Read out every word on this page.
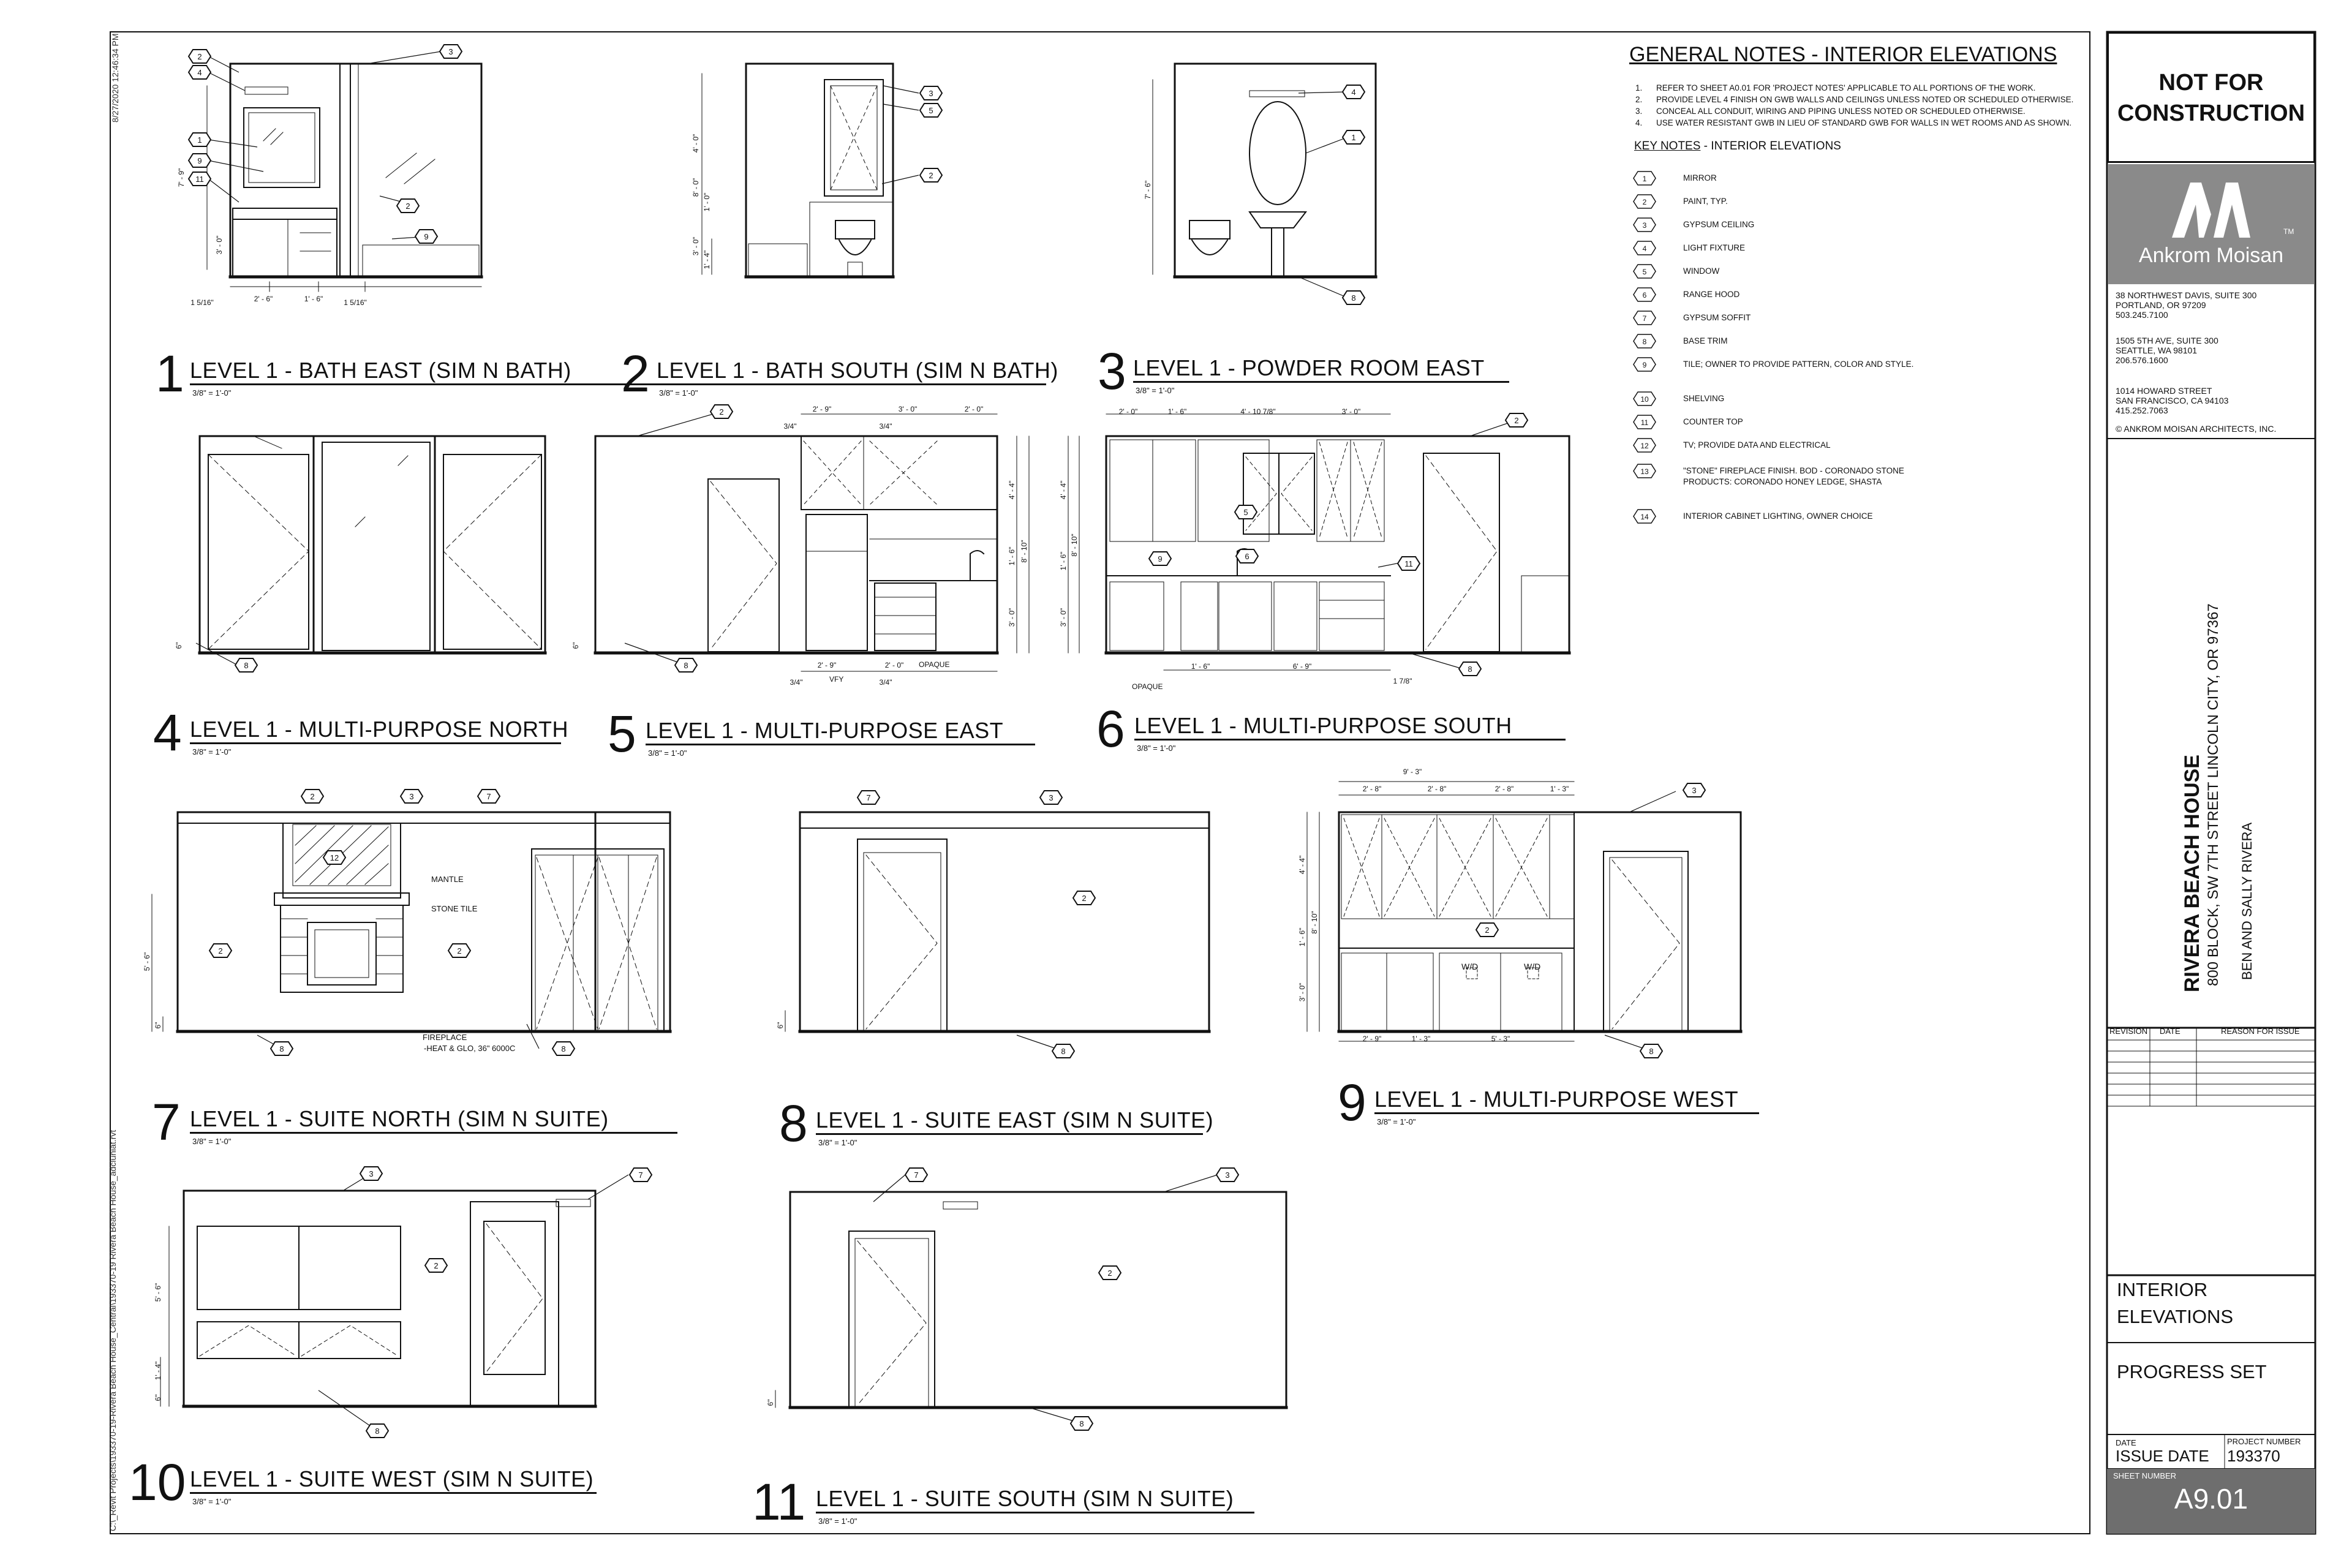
2
4
1
9
11
3
2
9
3
5
2
4
1
8
2
8	8	8
2
5
9
11
2	3	7
2	2
8	8
7	3
2
8
3
2
8
3	7
2
8
7	3
2
8
12
6
1 5/16"	2' - 6"	1' - 6"	1 5/16"
2' - 9"	3' - 0"	2' - 0"
2' - 9"	2' - 0"
2' - 0"	1' - 6"	4' - 10 7/8"	3' - 0"
1' - 6"	6' - 9"
1 7/8"
9' - 3"
2' - 8"	2' - 8"	2' - 8"	1' - 3"
2' - 9"	1' - 3"	5' - 3"
3/4"	3/4"
3/4"	3/4"
7' - 9"
3' - 0"
4' - 0"
8' - 0"
1' - 0"
3' - 0"
1' - 4"
7' - 6"
4' - 4"
8' - 10"
1' - 6"
3' - 0"
4' - 4"
8' - 10"
1' - 6"
3' - 0"
6"	6"
5' - 6"
6"	6"
4' - 4"
8' - 10"
1' - 6"
3' - 0"
5' - 6"
1' - 4"
6"
6"
8/27/2020 12:46:34 PM
C:\_Revit Projects\193370-19-Rivera Beach House_Central\193370-19 Rivera Beach House_adcluniat.rvt
MANTLE
STONE TILE
FIREPLACE
-HEAT & GLO, 36" 6000C
W/D	W/D
OPAQUE
OPAQUE
VFY
1 LEVEL 1 - BATH EAST (SIM N BATH)
3/8" = 1'-0"	2 LEVEL 1 - BATH SOUTH (SIM N BATH)
3/8" = 1'-0"	3 LEVEL 1 - POWDER ROOM EAST
3/8" = 1'-0"
4 LEVEL 1 - MULTI-PURPOSE NORTH
3/8" = 1'-0"	5 LEVEL 1 - MULTI-PURPOSE EAST
3/8" = 1'-0"	6 LEVEL 1 - MULTI-PURPOSE SOUTH
3/8" = 1'-0"
7 LEVEL 1 - SUITE NORTH (SIM N SUITE)
3/8" = 1'-0"	8 LEVEL 1 - SUITE EAST (SIM N SUITE)
3/8" = 1'-0"
9 LEVEL 1 - MULTI-PURPOSE WEST
3/8" = 1'-0"
10 LEVEL 1 - SUITE WEST (SIM N SUITE)
3/8" = 1'-0"	11 LEVEL 1 - SUITE SOUTH (SIM N SUITE)
3/8" = 1'-0"
GENERAL NOTES - INTERIOR ELEVATIONS
1. REFER TO SHEET A0.01 FOR 'PROJECT NOTES' APPLICABLE TO ALL PORTIONS OF THE WORK.
2. PROVIDE LEVEL 4 FINISH ON GWB WALLS AND CEILINGS UNLESS NOTED OR SCHEDULED OTHERWISE.
3. CONCEAL ALL CONDUIT, WIRING AND PIPING UNLESS NOTED OR SCHEDULED OTHERWISE.
4. USE WATER RESISTANT GWB IN LIEU OF STANDARD GWB FOR WALLS IN WET ROOMS AND AS SHOWN.
KEY NOTES - INTERIOR ELEVATIONS
1	MIRROR
2	PAINT, TYP.
3	GYPSUM CEILING
4	LIGHT FIXTURE
5	WINDOW
6	RANGE HOOD
7	GYPSUM SOFFIT
8	BASE TRIM
9	TILE; OWNER TO PROVIDE PATTERN, COLOR AND STYLE.
10	SHELVING
11	COUNTER TOP
12	TV; PROVIDE DATA AND ELECTRICAL
13	"STONE" FIREPLACE FINISH. BOD - CORONADO STONE PRODUCTS: CORONADO HONEY LEDGE, SHASTA
14	INTERIOR CABINET LIGHTING, OWNER CHOICE
NOT FOR
CONSTRUCTION
TM
Ankrom Moisan
38 NORTHWEST DAVIS, SUITE 300
PORTLAND, OR 97209
503.245.7100
1505 5TH AVE, SUITE 300
SEATTLE, WA 98101
206.576.1600
1014 HOWARD STREET
SAN FRANCISCO, CA 94103
415.252.7063
© ANKROM MOISAN ARCHITECTS, INC.
RIVERA BEACH HOUSE 800 BLOCK, SW 7TH STREET LINCOLN CITY, OR 97367 BEN AND SALLY RIVERA
REVISION DATE	REASON FOR ISSUE
INTERIOR
ELEVATIONS
PROGRESS SET
DATE
ISSUE DATE
PROJECT NUMBER
193370
SHEET NUMBER
A9.01
